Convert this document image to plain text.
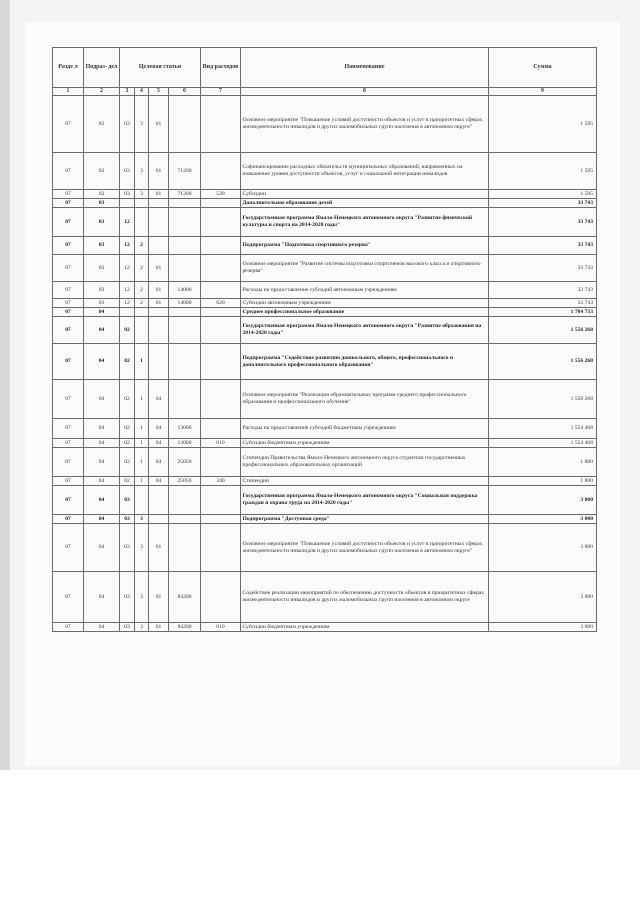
Разде л	Подраз- дел	Целевая статья				Вид расходов	Наименование	Сумма
1	2	3	4	5	6	7	8	9
07	02	03	3	01			Основное мероприятие "Повышение условий доступности объектов и услуг в приоритетных сферах жизнедеятельности инвалидов и других маломобильных групп населения в автономном округе"	1 595
07	02	03	3	01	71200		Софинансирование расходных обязательств муниципальных образований, направленных на повышение уровня доступности объектов, услуг и социальной интеграции инвалидов	1 595
07	02	03	3	01	71200	520	Субсидии	1 595
07	03						Дополнительное образование детей	33 743
07	03	12					Государственная программа Ямало-Ненецкого автономного округа "Развитие физической культуры и спорта на 2014-2020 годы"	33 743
07	03	12	2				Подпрограмма "Подготовка спортивного резерва"	33 743
07	03	12	2	01			Основное мероприятие "Развитие системы подготовки спортсменов высокого класса и спортивного резерва"	33 743
07	03	12	2	01	14000		Расходы на предоставление субсидий автономным учреждениям	33 743
07	03	12	2	01	14000	620	Субсидии автономным учреждениям	33 743
07	04						Среднее профессиональное образование	1 784 733
07	04	02					Государственная программа Ямало-Ненецкого автономного округа "Развитие образования на 2014-2020 годы"	1 556 268
07	04	02	1				Подпрограмма "Содействие развитию дошкольного, общего, профессионального и дополнительного профессионального образования"	1 556 268
07	04	02	1	04			Основное мероприятие "Реализация образовательных программ среднего профессионального образования и профессионального обучения"	1 556 268
07	04	02	1	04	13000		Расходы на предоставление субсидий бюджетным учреждениям	1 554 468
07	04	02	1	04	13000	610	Субсидии бюджетным учреждениям	1 554 468
07	04	02	1	04	25050		Стипендии Правительства Ямало-Ненецкого автономного округа студентам государственных профессиональных образовательных организаций	1 800
07	04	02	1	04	25050	340	Стипендии	1 800
07	04	03					Государственная программа Ямало-Ненецкого автономного округа "Социальная поддержка граждан и охрана труда на 2014-2020 годы"	3 000
07	04	03	3				Подпрограмма "Доступная среда"	3 000
07	04	03	3	01			Основное мероприятие "Повышение условий доступности объектов и услуг в приоритетных сферах жизнедеятельности инвалидов и других маломобильных групп населения в автономном округе"	3 000
07	04	03	3	01	84200		Содействие реализации мероприятий по обеспечению доступности объектов в приоритетных сферах жизнедеятельности инвалидов и других маломобильных групп населения в автономном округе	3 000
07	04	03	3	01	84200	610	Субсидии бюджетным учреждениям	3 000
